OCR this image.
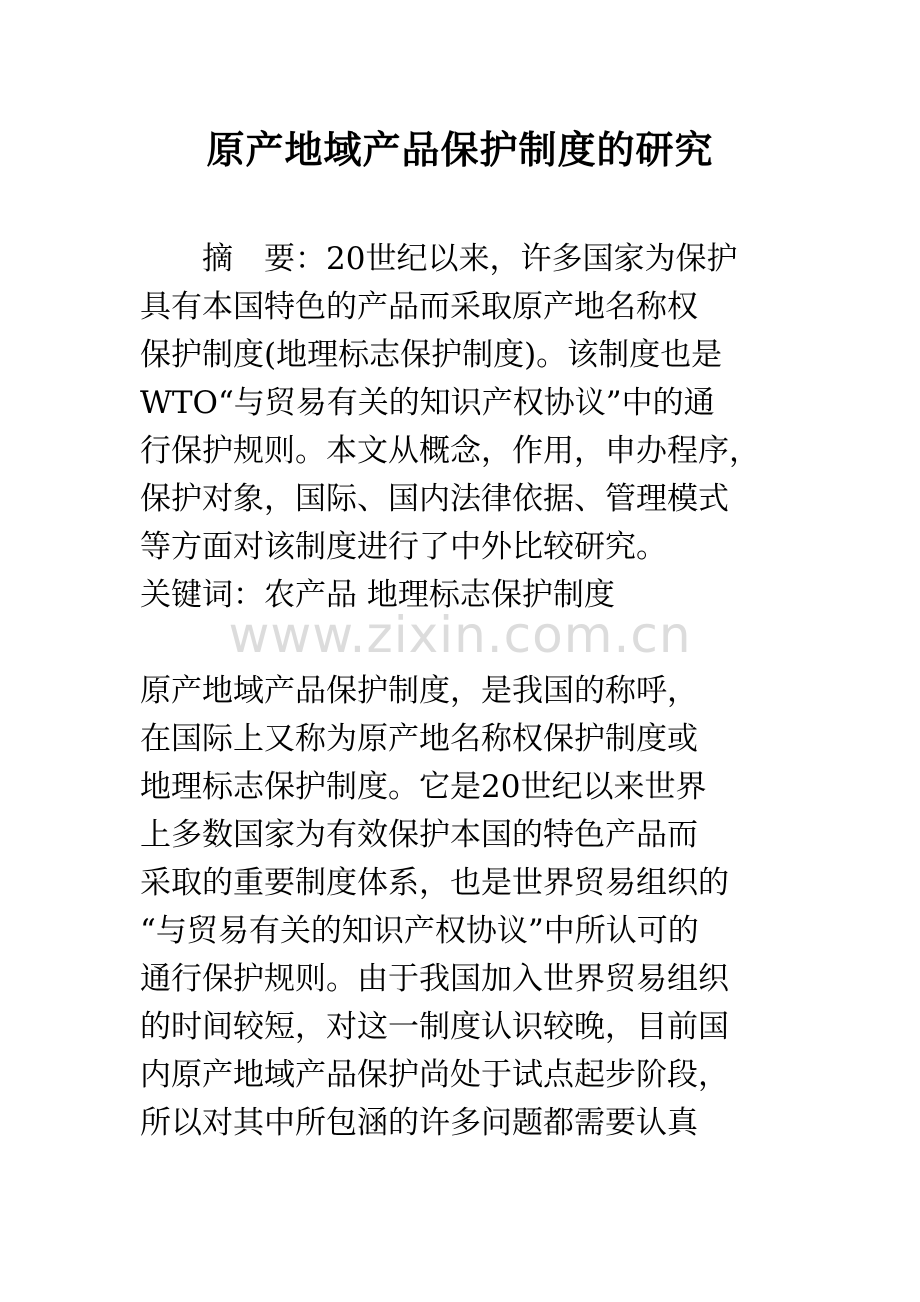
原产地域产品保护制度的研究
　　摘　要：20世纪以来，许多国家为保护
具有本国特色的产品而采取原产地名称权
保护制度(地理标志保护制度)。该制度也是
WTO“与贸易有关的知识产权协议”中的通
行保护规则。本文从概念，作用，申办程序，
保护对象，国际、国内法律依据、管理模式
等方面对该制度进行了中外比较研究。
关键词：农产品 地理标志保护制度
www.zixin.com.cn
原产地域产品保护制度，是我国的称呼，
在国际上又称为原产地名称权保护制度或
地理标志保护制度。它是20世纪以来世界
上多数国家为有效保护本国的特色产品而
采取的重要制度体系，也是世界贸易组织的
“与贸易有关的知识产权协议”中所认可的
通行保护规则。由于我国加入世界贸易组织
的时间较短，对这一制度认识较晚，目前国
内原产地域产品保护尚处于试点起步阶段，
所以对其中所包涵的许多问题都需要认真
